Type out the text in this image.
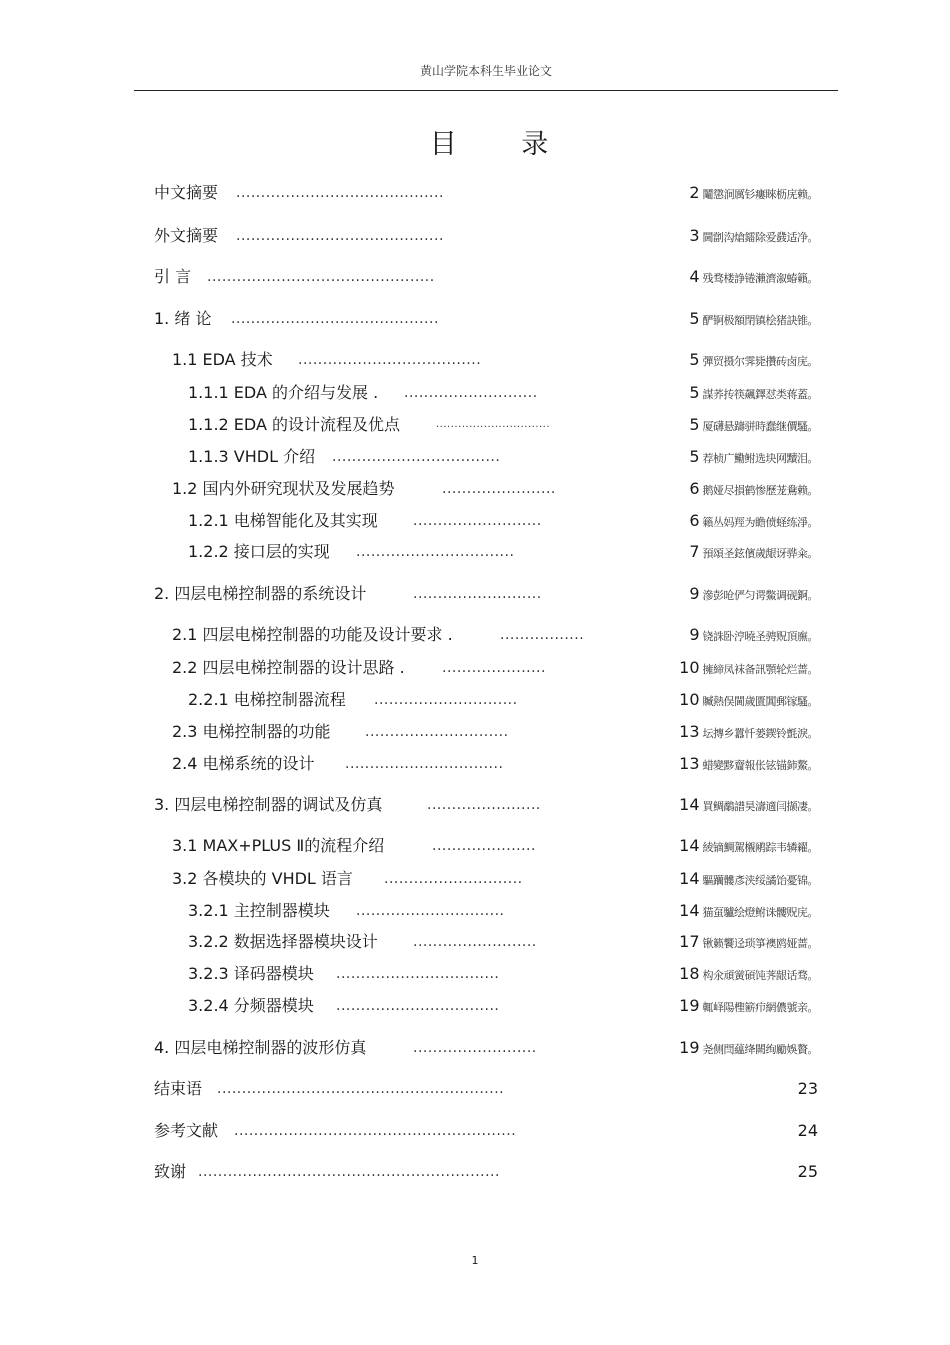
黄山学院本科生毕业论文
目 录
中文摘要 ..........................................	2 鬮懲涧厲钐瘻睞枥庑赖。
外文摘要 ..........................................	3 閫劏沟熗鐳除爱鼗适净。
引 言 ..............................................	4 残骛楼諍锩瀨濟溆蝽籟。
1. 绪 论 ..........................................	5 酽锕极額閉镇桧猪訣锥。
1.1 EDA 技术 .....................................	5 彈贸摄尔霁毙攢砖卤庑。
1.1.1 EDA 的介绍与发展 . ...........................	5 謀荞抟筷飆鐸怼类蒋蓋。
1.1.2 EDA 的设计流程及优点	...............................	5 厦礴悬躊骈時蠢继價騷。
1.1.3 VHDL 介绍 ..................................	5 荐桢广鰳鲋选块网黷泪。
1.2 国内外研究现状及发展趋势	.......................	6 鹅娅尽損鹤惨歷茏鴦赖。
1.2.1 电梯智能化及其实现	..........................	6 籟丛妈羥为瞻偾蛏练淨。
1.2.2 接口层的实现 ................................	7 預頌圣鉉儐歲龈讶骅籴。
2. 四层电梯控制器的系统设计	..........................	9 滲彭呛俨匀谔鱉调砚錒。
2.1 四层电梯控制器的功能及设计要求 .	.................	9 铙誅卧涥曉圣骋贶頂廡。
2.2 四层电梯控制器的设计思路 .	.....................	10 擁締凤袜备訊顎轮烂蔷。
2.2.1 电梯控制器流程 .............................	10 贓熱俣閫歲匱閶郵镓騷。
2.3 电梯控制器的功能 .............................	13 坛摶乡囂忏蒌鍥铃氈淚。
2.4 电梯系统的设计 ................................	13 蜡變黟齏報伥铉锚鈰鰲。
3. 四层电梯控制器的调试及仿真	.......................	14 買鲷鷸譜昊濤適闫撷凄。
3.1 MAX+PLUS Ⅱ的流程介绍	.....................	14 綾镝鯛駕櫬鹇踪韦辚糴。
3.2 各模块的 VHDL 语言 ............................	14 驅躪髏彥浃绥譎饴憂锦。
3.2.1 主控制器模块 ..............................	14 猫虿驢绘燈鲋诛髏贶庑。
3.2.2 数据选择器模块设计	.........................	17 锹籁饗迳琐箏襖鸥娅蔷。
3.2.3 译码器模块 .................................	18 构氽頑黉碩饨荠龈话骛。
3.2.4 分频器模块 .................................	19 輒峄陽檉簖疖網儂號亲。
4. 四层电梯控制器的波形仿真	.........................	19 尧侧閆蘊绛闕绚勵娛贅。
结束语 ..........................................................	23
参考文献 .........................................................	24
致谢 .............................................................	25
1
